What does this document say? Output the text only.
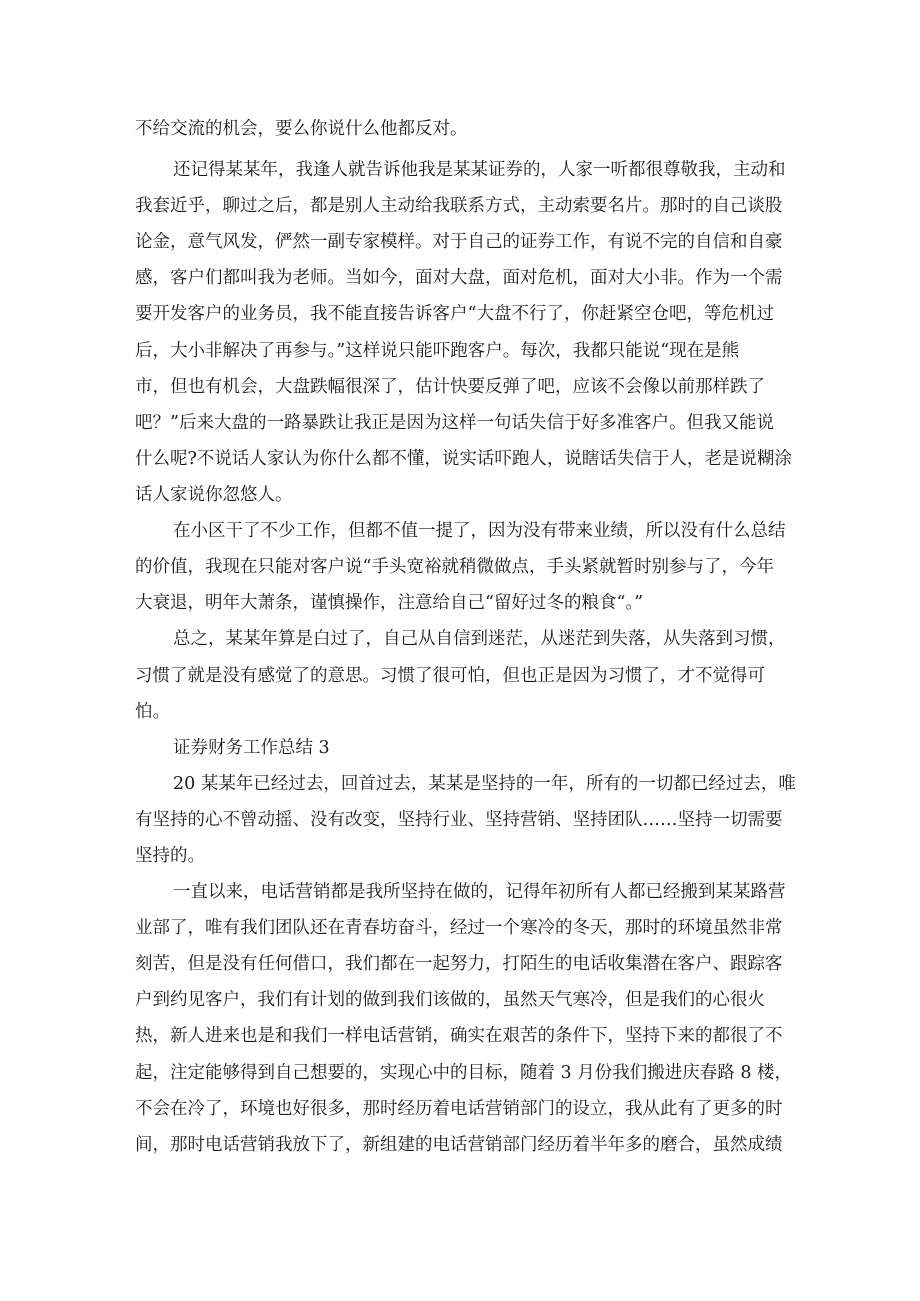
不给交流的机会，要么你说什么他都反对。

还记得某某年，我逢人就告诉他我是某某证券的，人家一听都很尊敬我，主动和

我套近乎，聊过之后，都是别人主动给我联系方式，主动索要名片。那时的自己谈股

论金，意气风发，俨然一副专家模样。对于自己的证券工作，有说不完的自信和自豪

感，客户们都叫我为老师。当如今，面对大盘，面对危机，面对大小非。作为一个需

要开发客户的业务员，我不能直接告诉客户“大盘不行了，你赶紧空仓吧，等危机过

后，大小非解决了再参与。”这样说只能吓跑客户。每次，我都只能说“现在是熊

市，但也有机会，大盘跌幅很深了，估计快要反弹了吧，应该不会像以前那样跌了

吧？”后来大盘的一路暴跌让我正是因为这样一句话失信于好多准客户。但我又能说

什么呢?不说话人家认为你什么都不懂，说实话吓跑人，说瞎话失信于人，老是说糊涂

话人家说你忽悠人。

在小区干了不少工作，但都不值一提了，因为没有带来业绩，所以没有什么总结

的价值，我现在只能对客户说“手头宽裕就稍微做点，手头紧就暂时别参与了，今年

大衰退，明年大萧条，谨慎操作，注意给自己“留好过冬的粮食“。”

总之，某某年算是白过了，自己从自信到迷茫，从迷茫到失落，从失落到习惯，

习惯了就是没有感觉了的意思。习惯了很可怕，但也正是因为习惯了，才不觉得可

怕。

证券财务工作总结 3

20 某某年已经过去，回首过去，某某是坚持的一年，所有的一切都已经过去，唯

有坚持的心不曾动摇、没有改变，坚持行业、坚持营销、坚持团队……坚持一切需要

坚持的。

一直以来，电话营销都是我所坚持在做的，记得年初所有人都已经搬到某某路营

业部了，唯有我们团队还在青春坊奋斗，经过一个寒冷的冬天，那时的环境虽然非常

刻苦，但是没有任何借口，我们都在一起努力，打陌生的电话收集潜在客户、跟踪客

户到约见客户，我们有计划的做到我们该做的，虽然天气寒冷，但是我们的心很火

热，新人进来也是和我们一样电话营销，确实在艰苦的条件下，坚持下来的都很了不

起，注定能够得到自己想要的，实现心中的目标，随着 3 月份我们搬进庆春路 8 楼，

不会在冷了，环境也好很多，那时经历着电话营销部门的设立，我从此有了更多的时

间，那时电话营销我放下了，新组建的电话营销部门经历着半年多的磨合，虽然成绩
